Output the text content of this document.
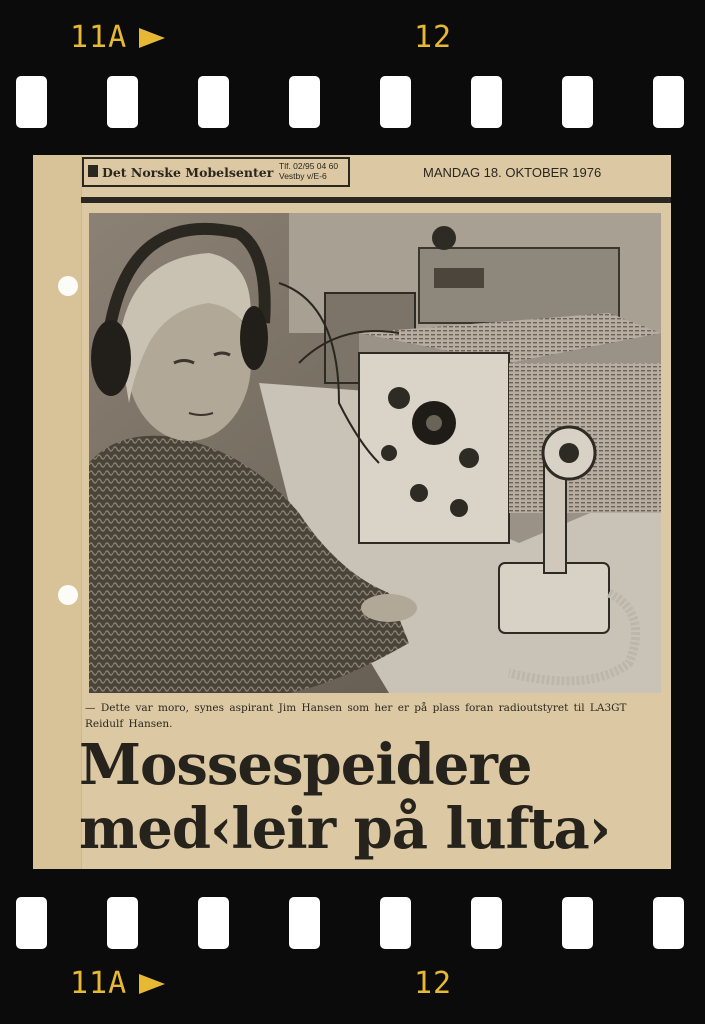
11A	12
Det Norske Mobelsenter Tlf. 02/95 04 60
Vestby v/E-6	MANDAG 18. OKTOBER 1976
— Dette var moro, synes aspirant Jim Hansen som her er på plass foran radioutstyret til LA3GT Reidulf Hansen.
Mossespeidere
med‹leir på lufta›
11A	12
